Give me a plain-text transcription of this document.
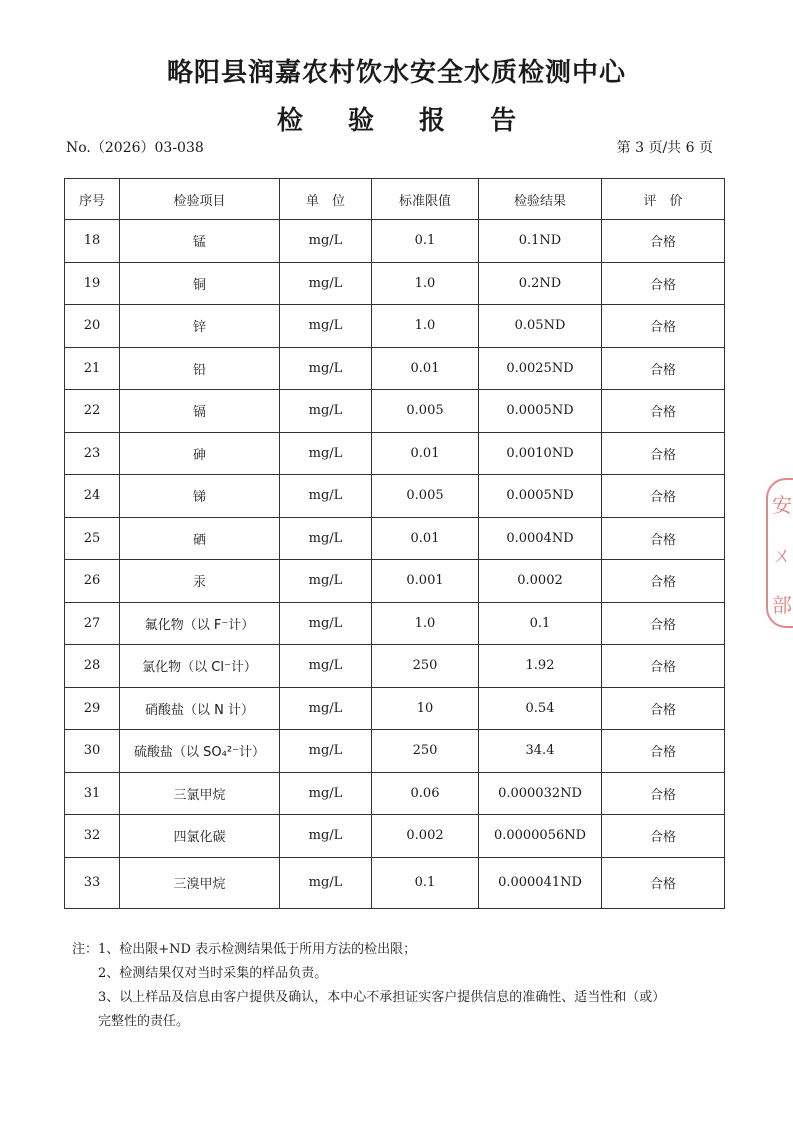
略阳县润嘉农村饮水安全水质检测中心
检 验 报 告
No.（2026）03-038	第 3 页/共 6 页
序号	检验项目	单　位	标准限值	检验结果	评　价
18	锰	mg/L	0.1	0.1ND	合格
19	铜	mg/L	1.0	0.2ND	合格
20	锌	mg/L	1.0	0.05ND	合格
21	铅	mg/L	0.01	0.0025ND	合格
22	镉	mg/L	0.005	0.0005ND	合格
23	砷	mg/L	0.01	0.0010ND	合格
24	锑	mg/L	0.005	0.0005ND	合格
25	硒	mg/L	0.01	0.0004ND	合格
26	汞	mg/L	0.001	0.0002	合格
27	氟化物（以 F⁻计）	mg/L	1.0	0.1	合格
28	氯化物（以 Cl⁻计）	mg/L	250	1.92	合格
29	硝酸盐（以 N 计）	mg/L	10	0.54	合格
30	硫酸盐（以 SO₄²⁻计）	mg/L	250	34.4	合格
31	三氯甲烷	mg/L	0.06	0.000032ND	合格
32	四氯化碳	mg/L	0.002	0.0000056ND	合格
33	三溴甲烷	mg/L	0.1	0.000041ND	合格

注：1、检出限+ND 表示检测结果低于所用方法的检出限；

2、检测结果仅对当时采集的样品负责。

3、以上样品及信息由客户提供及确认，本中心不承担证实客户提供信息的准确性、适当性和（或）

完整性的责任。

安
ㄨ
部
